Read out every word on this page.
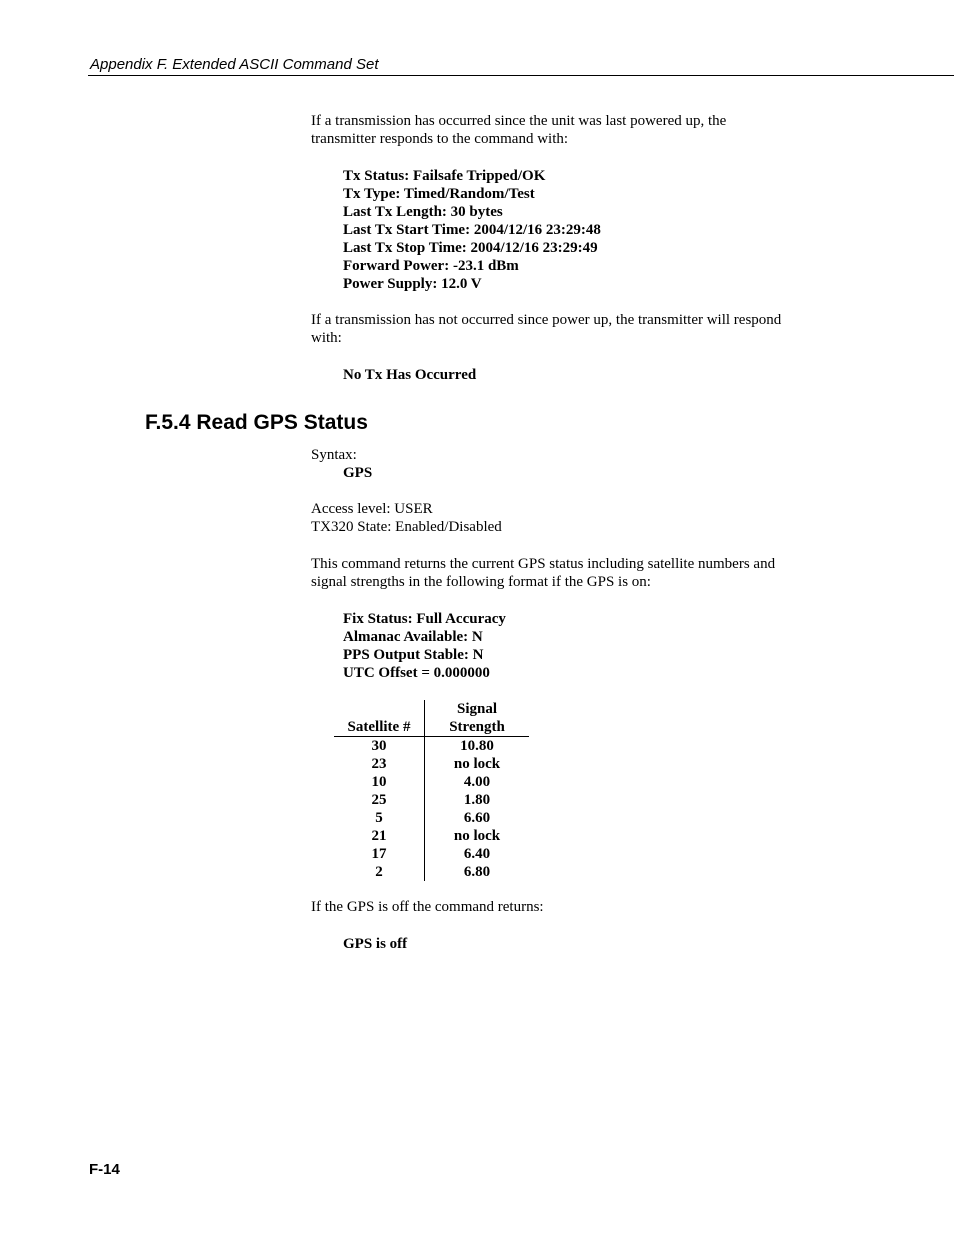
Appendix F. Extended ASCII Command Set
If a transmission has occurred since the unit was last powered up, the
transmitter responds to the command with:
Tx Status: Failsafe Tripped/OK
Tx Type: Timed/Random/Test
Last Tx Length: 30 bytes
Last Tx Start Time: 2004/12/16 23:29:48
Last Tx Stop Time: 2004/12/16 23:29:49
Forward Power: -23.1 dBm
Power Supply: 12.0 V
If a transmission has not occurred since power up, the transmitter will respond
with:
No Tx Has Occurred
F.5.4 Read GPS Status
Syntax:
GPS
Access level: USER
TX320 State: Enabled/Disabled
This command returns the current GPS status including satellite numbers and
signal strengths in the following format if the GPS is on:
Fix Status: Full Accuracy
Almanac Available: N
PPS Output Stable: N
UTC Offset = 0.000000
Satellite #	Signal
Strength

30	10.80
23	no lock
10	4.00
25	1.80
5	6.60
21	no lock
17	6.40
2	6.80
If the GPS is off the command returns:
GPS is off
F-14
